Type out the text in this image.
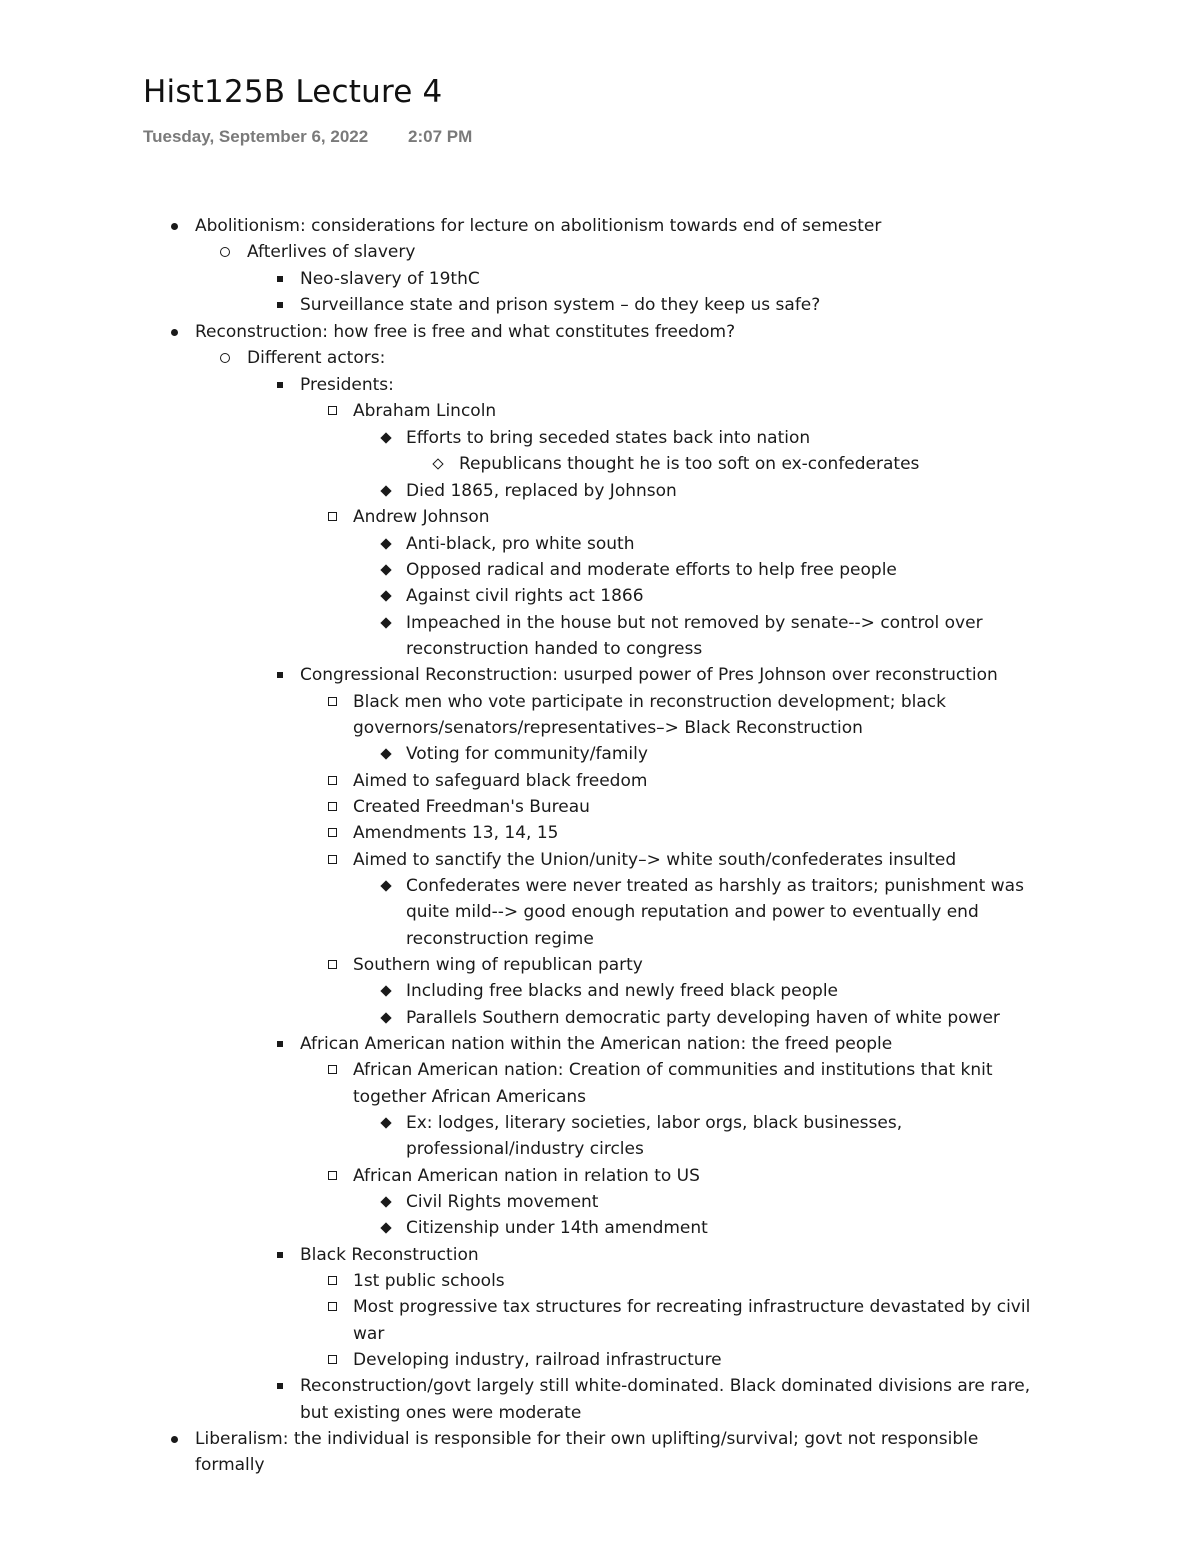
Hist125B Lecture 4
Tuesday, September 6, 2022 2:07 PM
Abolitionism: considerations for lecture on abolitionism towards end of semester
Afterlives of slavery
Neo-slavery of 19thC
Surveillance state and prison system – do they keep us safe?
Reconstruction: how free is free and what constitutes freedom?
Different actors:
Presidents:
Abraham Lincoln
Efforts to bring seceded states back into nation
Republicans thought he is too soft on ex-confederates
Died 1865, replaced by Johnson
Andrew Johnson
Anti-black, pro white south
Opposed radical and moderate efforts to help free people
Against civil rights act 1866
Impeached in the house but not removed by senate--> control over
reconstruction handed to congress
Congressional Reconstruction: usurped power of Pres Johnson over reconstruction
Black men who vote participate in reconstruction development; black
governors/senators/representatives–> Black Reconstruction
Voting for community/family
Aimed to safeguard black freedom
Created Freedman's Bureau
Amendments 13, 14, 15
Aimed to sanctify the Union/unity–> white south/confederates insulted
Confederates were never treated as harshly as traitors; punishment was
quite mild--> good enough reputation and power to eventually end
reconstruction regime
Southern wing of republican party
Including free blacks and newly freed black people
Parallels Southern democratic party developing haven of white power
African American nation within the American nation: the freed people
African American nation: Creation of communities and institutions that knit
together African Americans
Ex: lodges, literary societies, labor orgs, black businesses,
professional/industry circles
African American nation in relation to US
Civil Rights movement
Citizenship under 14th amendment
Black Reconstruction
1st public schools
Most progressive tax structures for recreating infrastructure devastated by civil
war
Developing industry, railroad infrastructure
Reconstruction/govt largely still white-dominated. Black dominated divisions are rare,
but existing ones were moderate
Liberalism: the individual is responsible for their own uplifting/survival; govt not responsible
formally
